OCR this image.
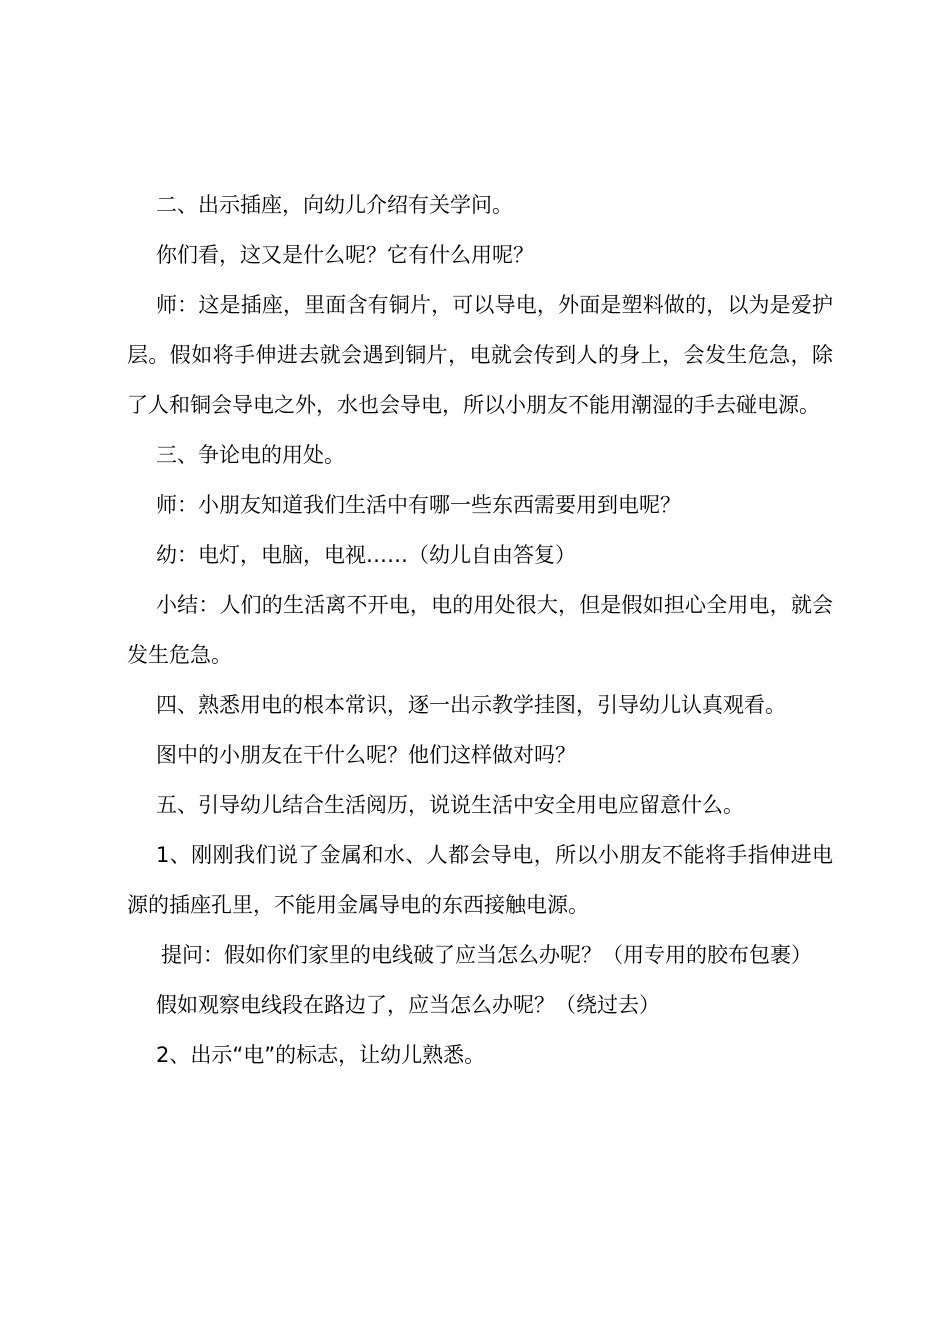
二、出示插座，向幼儿介绍有关学问。

你们看，这又是什么呢？它有什么用呢？

师：这是插座，里面含有铜片，可以导电，外面是塑料做的，以为是爱护层。假如将手伸进去就会遇到铜片，电就会传到人的身上，会发生危急，除了人和铜会导电之外，水也会导电，所以小朋友不能用潮湿的手去碰电源。

三、争论电的用处。

师：小朋友知道我们生活中有哪一些东西需要用到电呢？

幼：电灯，电脑，电视……（幼儿自由答复）

小结：人们的生活离不开电，电的用处很大，但是假如担心全用电，就会发生危急。

四、熟悉用电的根本常识，逐一出示教学挂图，引导幼儿认真观看。

图中的小朋友在干什么呢？他们这样做对吗？

五、引导幼儿结合生活阅历，说说生活中安全用电应留意什么。

1、刚刚我们说了金属和水、人都会导电，所以小朋友不能将手指伸进电源的插座孔里，不能用金属导电的东西接触电源。

提问：假如你们家里的电线破了应当怎么办呢？（用专用的胶布包裹）

假如观察电线段在路边了，应当怎么办呢？（绕过去）

2、出示“电”的标志，让幼儿熟悉。
